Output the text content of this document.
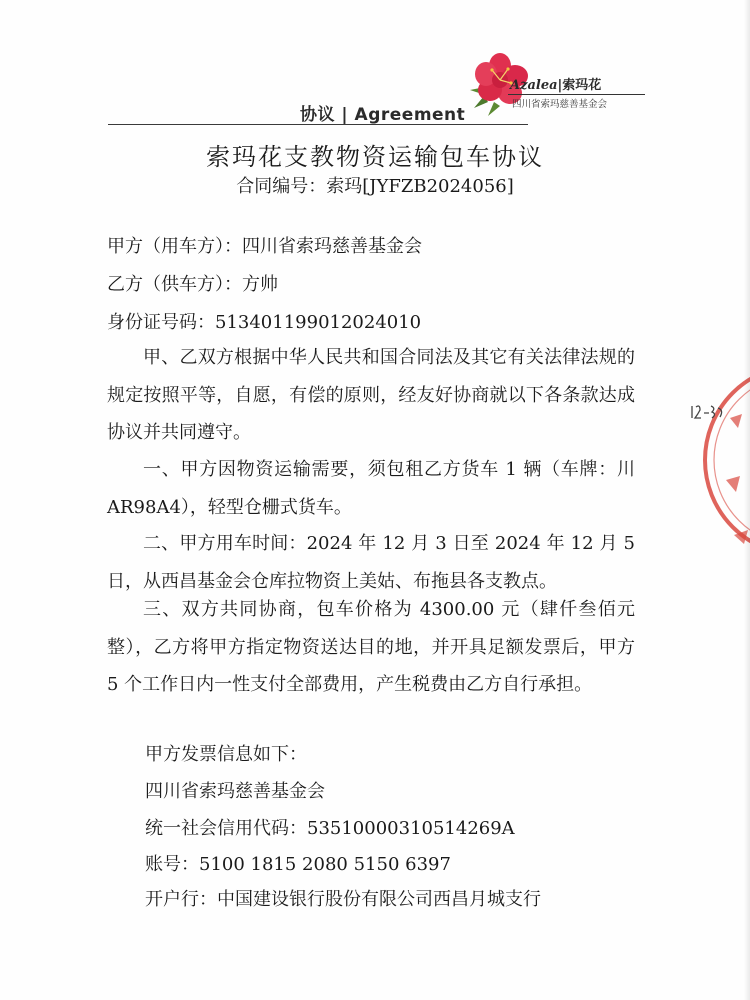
Azalea|索玛花
四川省索玛慈善基金会
协议 | Agreement
索玛花支教物资运输包车协议
合同编号：索玛[JYFZB2024056]
甲方（用车方）：四川省索玛慈善基金会
乙方（供车方）：方帅
身份证号码：513401199012024010

甲、乙双方根据中华人民共和国合同法及其它有关法律法规的规定按照平等，自愿，有偿的原则，经友好协商就以下各条款达成协议并共同遵守。

一、甲方因物资运输需要，须包租乙方货车 1 辆（车牌：川 AR98A4），轻型仓栅式货车。

二、甲方用车时间：2024 年 12 月 3 日至 2024 年 12 月 5 日，从西昌基金会仓库拉物资上美姑、布拖县各支教点。

三、双方共同协商，包车价格为 4300.00 元（肆仟叁佰元整），乙方将甲方指定物资送达目的地，并开具足额发票后，甲方 5 个工作日内一性支付全部费用，产生税费由乙方自行承担。

甲方发票信息如下：
四川省索玛慈善基金会
统一社会信用代码：53510000310514269A
账号：5100 1815 2080 5150 6397
开户行：中国建设银行股份有限公司西昌月城支行
